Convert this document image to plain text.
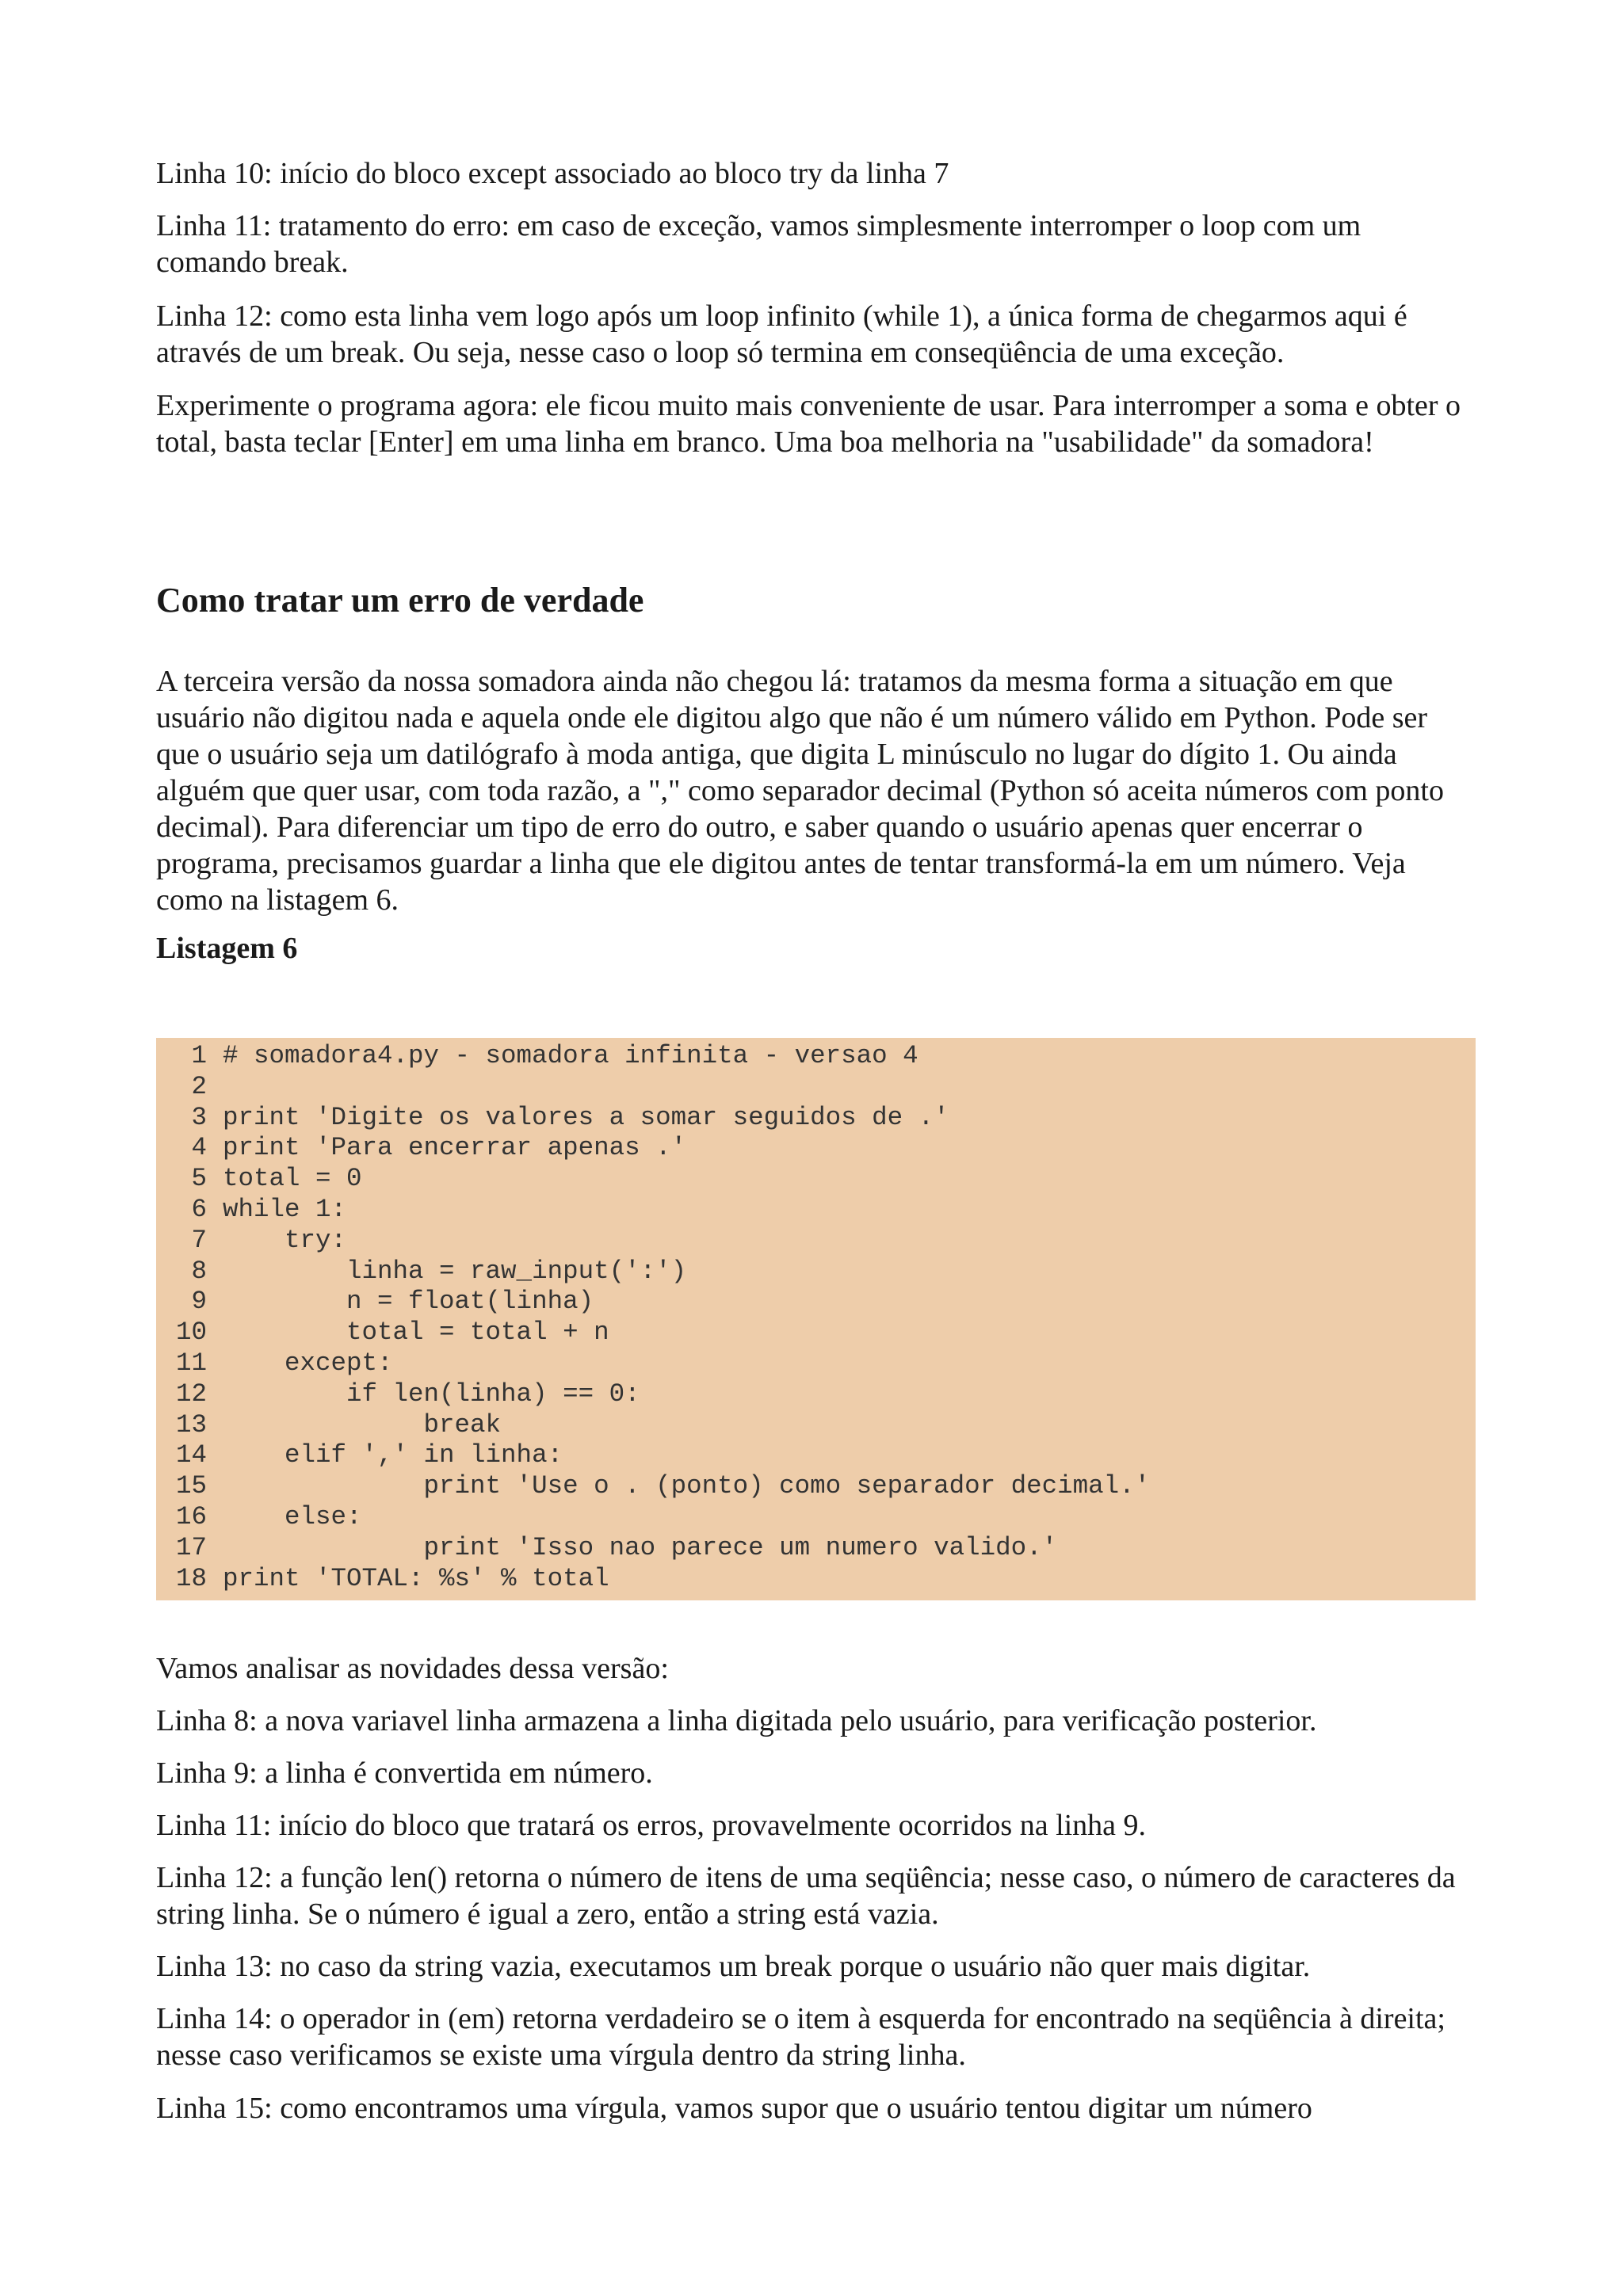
Linha 10: início do bloco except associado ao bloco try da linha 7

Linha 11: tratamento do erro: em caso de exceção, vamos simplesmente interromper o loop com um comando break.

Linha 12: como esta linha vem logo após um loop infinito (while 1), a única forma de chegarmos aqui é através de um break. Ou seja, nesse caso o loop só termina em conseqüência de uma exceção.

Experimente o programa agora: ele ficou muito mais conveniente de usar. Para interromper a soma e obter o total, basta teclar [Enter] em uma linha em branco. Uma boa melhoria na "usabilidade" da somadora!

Como tratar um erro de verdade

A terceira versão da nossa somadora ainda não chegou lá: tratamos da mesma forma a situação em que usuário não digitou nada e aquela onde ele digitou algo que não é um número válido em Python. Pode ser que o usuário seja um datilógrafo à moda antiga, que digita L minúsculo no lugar do dígito 1. Ou ainda alguém que quer usar, com toda razão, a "," como separador decimal (Python só aceita números com ponto decimal). Para diferenciar um tipo de erro do outro, e saber quando o usuário apenas quer encerrar o programa, precisamos guardar a linha que ele digitou antes de tentar transformá-la em um número. Veja como na listagem 6.

Listagem 6

1 # somadora4.py - somadora infinita - versao 4
2
3 print 'Digite os valores a somar seguidos de .'
4 print 'Para encerrar apenas .'
5 total = 0
6 while 1:
7    try:
8        linha = raw_input(':')
9        n = float(linha)
10        total = total + n
11    except:
12        if len(linha) == 0:
13             break
14    elif ',' in linha:
15             print 'Use o . (ponto) como separador decimal.'
16    else:
17             print 'Isso nao parece um numero valido.'
18 print 'TOTAL: %s' % total

Vamos analisar as novidades dessa versão:

Linha 8: a nova variavel linha armazena a linha digitada pelo usuário, para verificação posterior.

Linha 9: a linha é convertida em número.

Linha 11: início do bloco que tratará os erros, provavelmente ocorridos na linha 9.

Linha 12: a função len() retorna o número de itens de uma seqüência; nesse caso, o número de caracteres da string linha. Se o número é igual a zero, então a string está vazia.

Linha 13: no caso da string vazia, executamos um break porque o usuário não quer mais digitar.

Linha 14: o operador in (em) retorna verdadeiro se o item à esquerda for encontrado na seqüência à direita; nesse caso verificamos se existe uma vírgula dentro da string linha.

Linha 15: como encontramos uma vírgula, vamos supor que o usuário tentou digitar um número
